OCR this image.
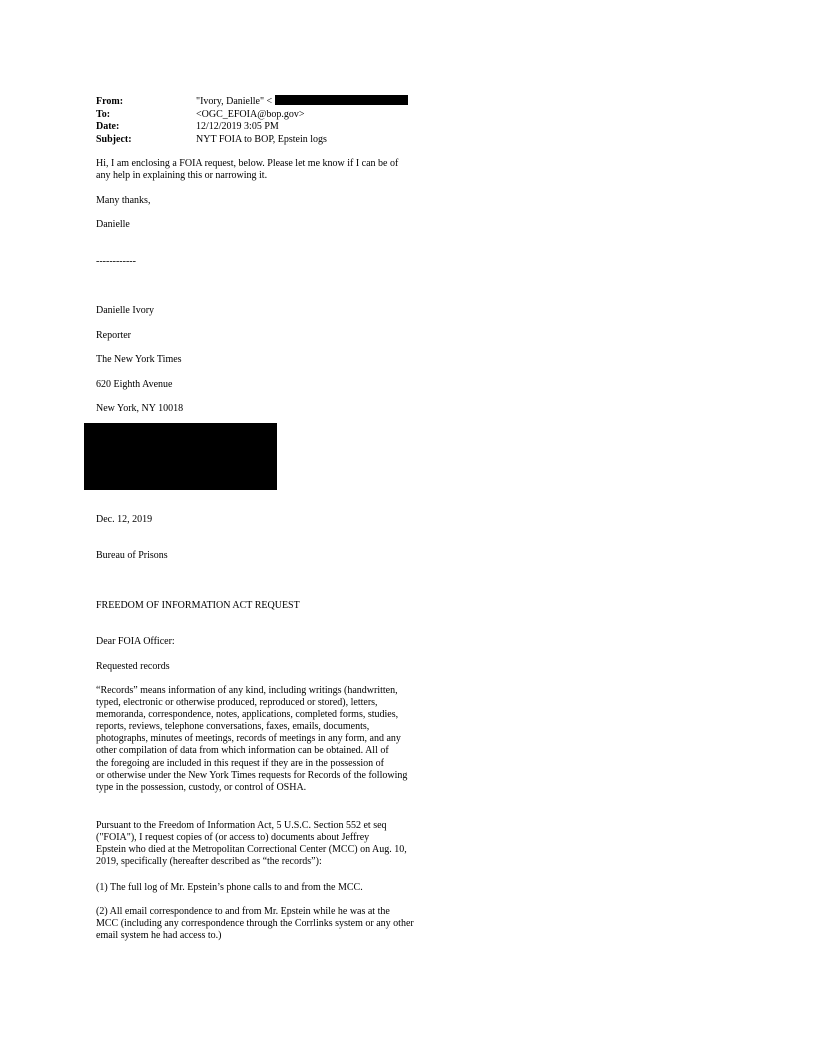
From:	"Ivory, Danielle" <
To:	<OGC_EFOIA@bop.gov>
Date:	12/12/2019 3:05 PM
Subject:	NYT FOIA to BOP, Epstein logs
Hi, I am enclosing a FOIA request, below. Please let me know if I can be of
any help in explaining this or narrowing it.
Many thanks,
Danielle
------------
Danielle Ivory
Reporter
The New York Times
620 Eighth Avenue
New York, NY 10018
Dec. 12, 2019
Bureau of Prisons
FREEDOM OF INFORMATION ACT REQUEST
Dear FOIA Officer:
Requested records
“Records” means information of any kind, including writings (handwritten,
typed, electronic or otherwise produced, reproduced or stored), letters,
memoranda, correspondence, notes, applications, completed forms, studies,
reports, reviews, telephone conversations, faxes, emails, documents,
photographs, minutes of meetings, records of meetings in any form, and any
other compilation of data from which information can be obtained. All of
the foregoing are included in this request if they are in the possession of
or otherwise under the New York Times requests for Records of the following
type in the possession, custody, or control of OSHA.
Pursuant to the Freedom of Information Act, 5 U.S.C. Section 552 et seq
("FOIA"), I request copies of (or access to) documents about Jeffrey
Epstein who died at the Metropolitan Correctional Center (MCC) on Aug. 10,
2019, specifically (hereafter described as “the records”):
(1) The full log of Mr. Epstein’s phone calls to and from the MCC.
(2) All email correspondence to and from Mr. Epstein while he was at the
MCC (including any correspondence through the Corrlinks system or any other
email system he had access to.)
